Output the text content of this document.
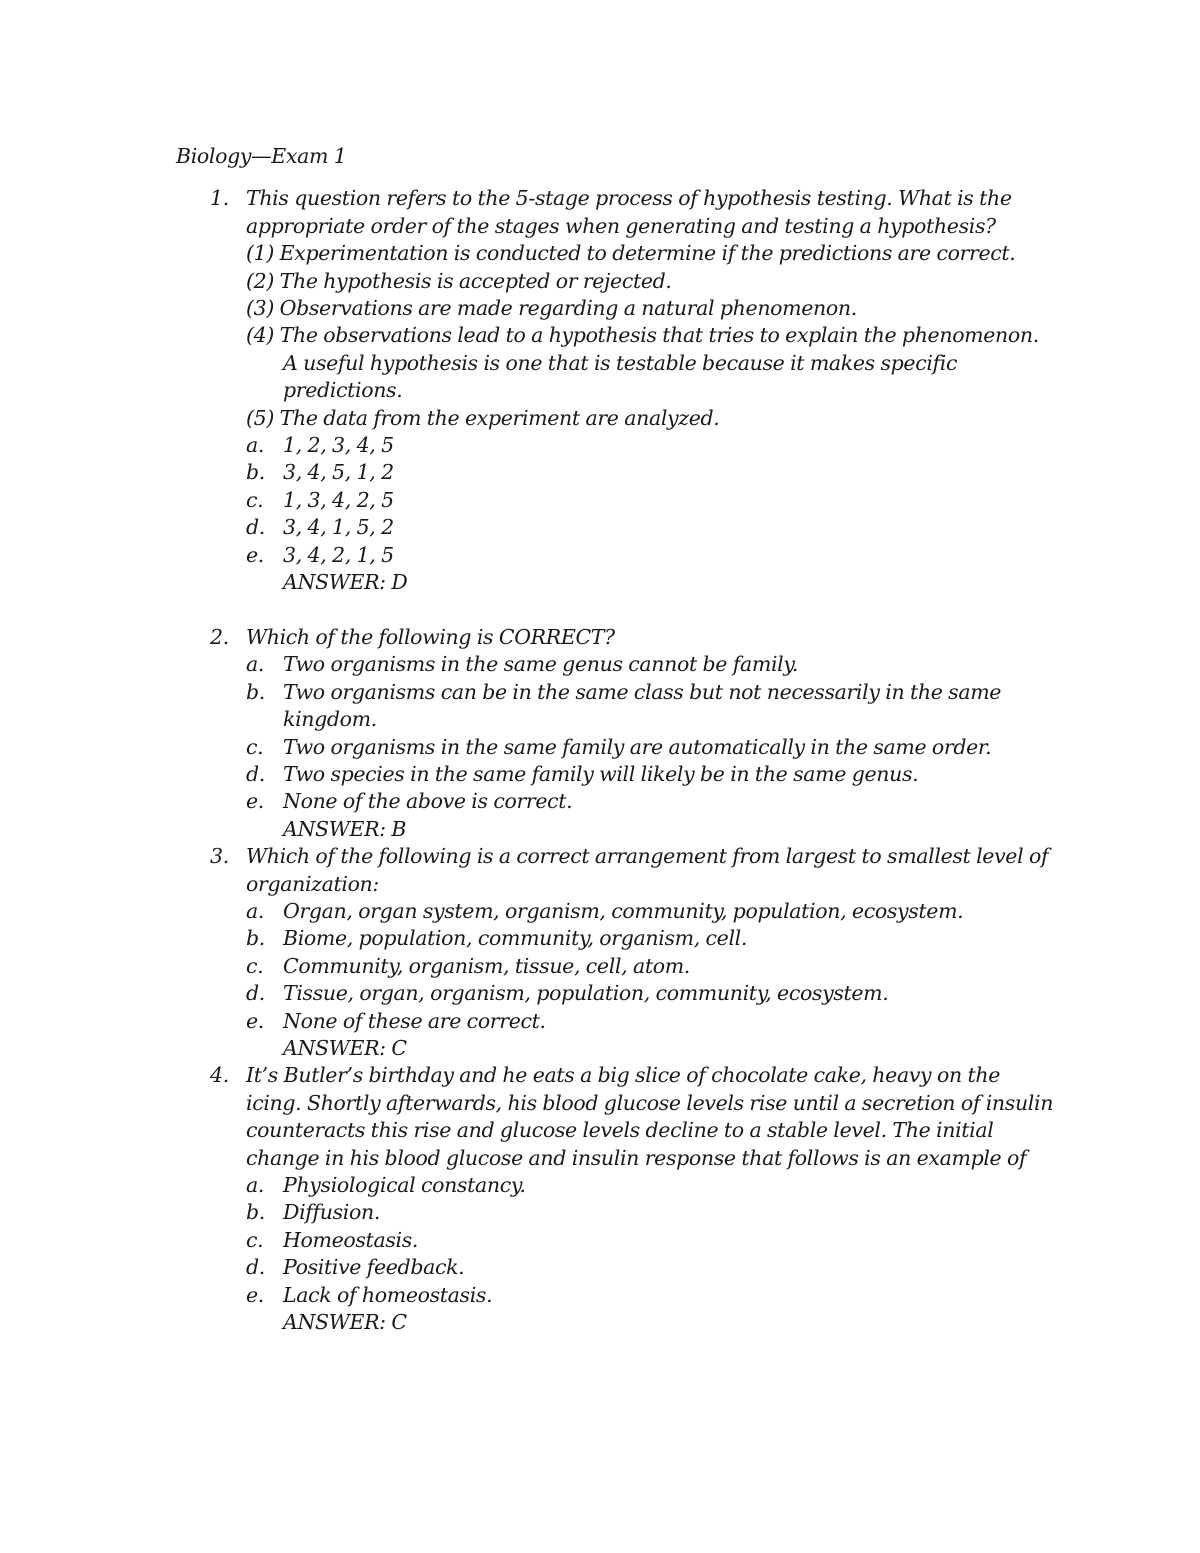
Biology—Exam 1
1. This question refers to the 5-stage process of hypothesis testing. What is the
appropriate order of the stages when generating and testing a hypothesis?
(1) Experimentation is conducted to determine if the predictions are correct.
(2) The hypothesis is accepted or rejected.
(3) Observations are made regarding a natural phenomenon.
(4) The observations lead to a hypothesis that tries to explain the phenomenon.
A useful hypothesis is one that is testable because it makes specific
predictions.
(5) The data from the experiment are analyzed.
a. 1, 2, 3, 4, 5
b. 3, 4, 5, 1, 2
c. 1, 3, 4, 2, 5
d. 3, 4, 1, 5, 2
e. 3, 4, 2, 1, 5
ANSWER: D
2. Which of the following is CORRECT?
a. Two organisms in the same genus cannot be family.
b. Two organisms can be in the same class but not necessarily in the same
kingdom.
c. Two organisms in the same family are automatically in the same order.
d. Two species in the same family will likely be in the same genus.
e. None of the above is correct.
ANSWER: B
3. Which of the following is a correct arrangement from largest to smallest level of
organization:
a. Organ, organ system, organism, community, population, ecosystem.
b. Biome, population, community, organism, cell.
c. Community, organism, tissue, cell, atom.
d. Tissue, organ, organism, population, community, ecosystem.
e. None of these are correct.
ANSWER: C
4. It’s Butler’s birthday and he eats a big slice of chocolate cake, heavy on the
icing. Shortly afterwards, his blood glucose levels rise until a secretion of insulin
counteracts this rise and glucose levels decline to a stable level. The initial
change in his blood glucose and insulin response that follows is an example of
a. Physiological constancy.
b. Diffusion.
c. Homeostasis.
d. Positive feedback.
e. Lack of homeostasis.
ANSWER: C
